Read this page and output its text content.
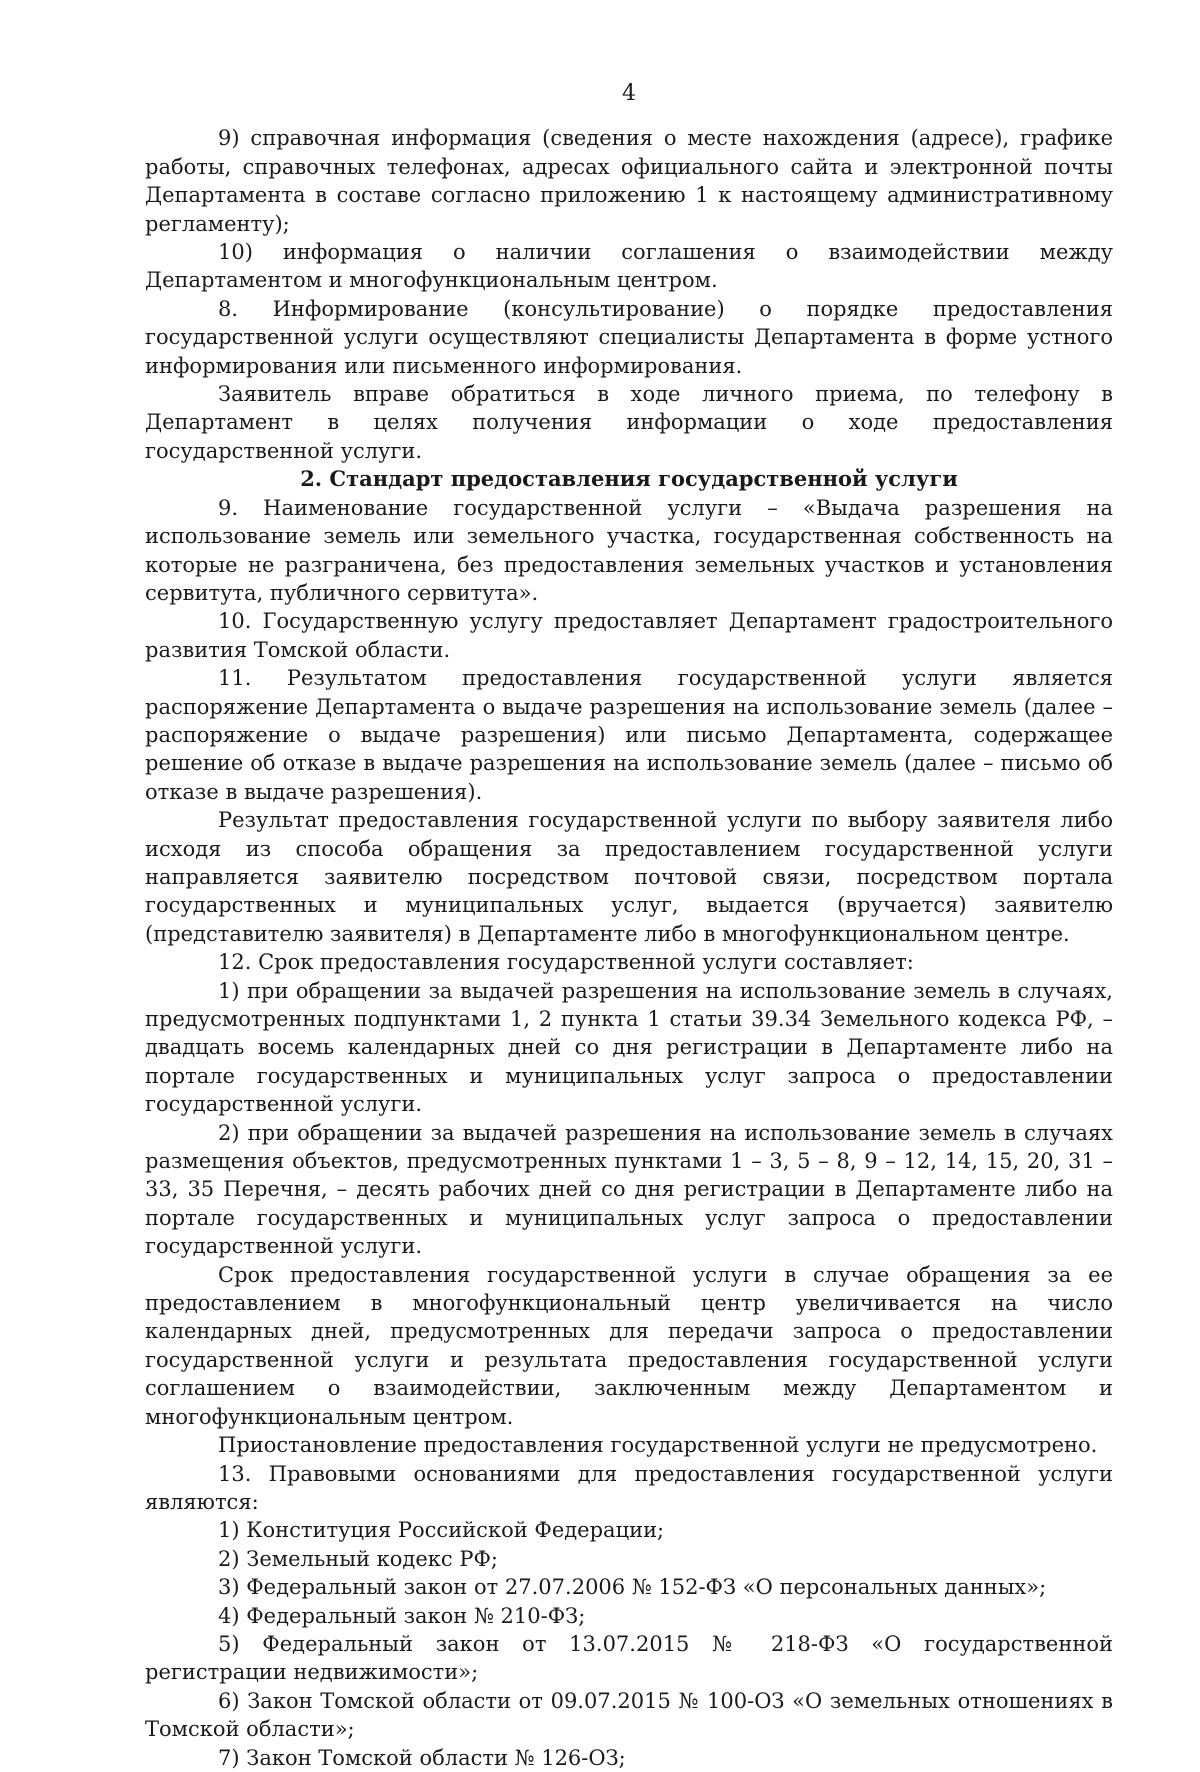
4

9) справочная информация (сведения о месте нахождения (адресе), графике работы, справочных телефонах, адресах официального сайта и электронной почты Департамента в составе согласно приложению 1 к настоящему административному регламенту);

10) информация о наличии соглашения о взаимодействии между Департаментом и многофункциональным центром.

8. Информирование (консультирование) о порядке предоставления государственной услуги осуществляют специалисты Департамента в форме устного информирования или письменного информирования.

Заявитель вправе обратиться в ходе личного приема, по телефону в Департамент в целях получения информации о ходе предоставления государственной услуги.

2. Стандарт предоставления государственной услуги

9. Наименование государственной услуги – «Выдача разрешения на использование земель или земельного участка, государственная собственность на которые не разграничена, без предоставления земельных участков и установления сервитута, публичного сервитута».

10. Государственную услугу предоставляет Департамент градостроительного развития Томской области.

11. Результатом предоставления государственной услуги является распоряжение Департамента о выдаче разрешения на использование земель (далее – распоряжение о выдаче разрешения) или письмо Департамента, содержащее решение об отказе в выдаче разрешения на использование земель (далее – письмо об отказе в выдаче разрешения).

Результат предоставления государственной услуги по выбору заявителя либо исходя из способа обращения за предоставлением государственной услуги направляется заявителю посредством почтовой связи, посредством портала государственных и муниципальных услуг, выдается (вручается) заявителю (представителю заявителя) в Департаменте либо в многофункциональном центре.

12. Срок предоставления государственной услуги составляет:

1) при обращении за выдачей разрешения на использование земель в случаях, предусмотренных подпунктами 1, 2 пункта 1 статьи 39.34 Земельного кодекса РФ, – двадцать восемь календарных дней со дня регистрации в Департаменте либо на портале государственных и муниципальных услуг запроса о предоставлении государственной услуги.

2) при обращении за выдачей разрешения на использование земель в случаях размещения объектов, предусмотренных пунктами 1 – 3, 5 – 8, 9 – 12, 14, 15, 20, 31 – 33, 35 Перечня, – десять рабочих дней со дня регистрации в Департаменте либо на портале государственных и муниципальных услуг запроса о предоставлении государственной услуги.

Срок предоставления государственной услуги в случае обращения за ее предоставлением в многофункциональный центр увеличивается на число календарных дней, предусмотренных для передачи запроса о предоставлении государственной услуги и результата предоставления государственной услуги соглашением о взаимодействии, заключенным между Департаментом и многофункциональным центром.

Приостановление предоставления государственной услуги не предусмотрено.

13. Правовыми основаниями для предоставления государственной услуги являются:

1) Конституция Российской Федерации;

2) Земельный кодекс РФ;

3) Федеральный закон от 27.07.2006 № 152-ФЗ «О персональных данных»;

4) Федеральный закон № 210-ФЗ;

5) Федеральный закон от 13.07.2015 № 218-ФЗ «О государственной регистрации недвижимости»;

6) Закон Томской области от 09.07.2015 № 100-ОЗ «О земельных отношениях в Томской области»;

7) Закон Томской области № 126-ОЗ;
